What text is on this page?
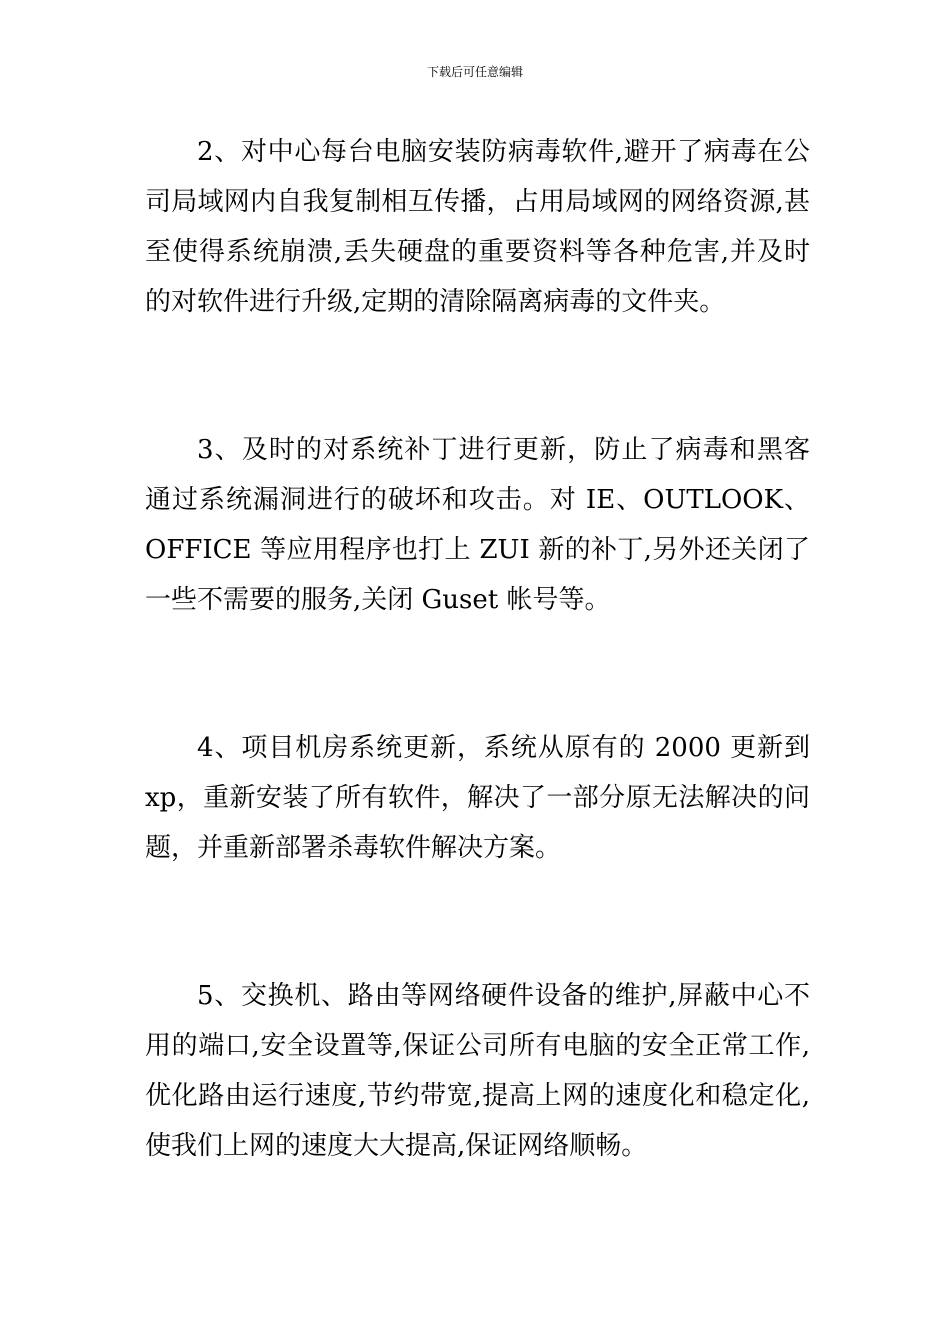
下载后可任意编辑

2、对中心每台电脑安装防病毒软件,避开了病毒在公司局域网内自我复制相互传播，占用局域网的网络资源,甚至使得系统崩溃,丢失硬盘的重要资料等各种危害,并及时的对软件进行升级,定期的清除隔离病毒的文件夹。

3、及时的对系统补丁进行更新，防止了病毒和黑客通过系统漏洞进行的破坏和攻击。对 IE、OUTLOOK、OFFICE 等应用程序也打上 ZUI 新的补丁,另外还关闭了一些不需要的服务,关闭 Guset 帐号等。

4、项目机房系统更新，系统从原有的 2000 更新到 xp，重新安装了所有软件，解决了一部分原无法解决的问题，并重新部署杀毒软件解决方案。

5、交换机、路由等网络硬件设备的维护,屏蔽中心不用的端口,安全设置等,保证公司所有电脑的安全正常工作,优化路由运行速度,节约带宽,提高上网的速度化和稳定化,使我们上网的速度大大提高,保证网络顺畅。
